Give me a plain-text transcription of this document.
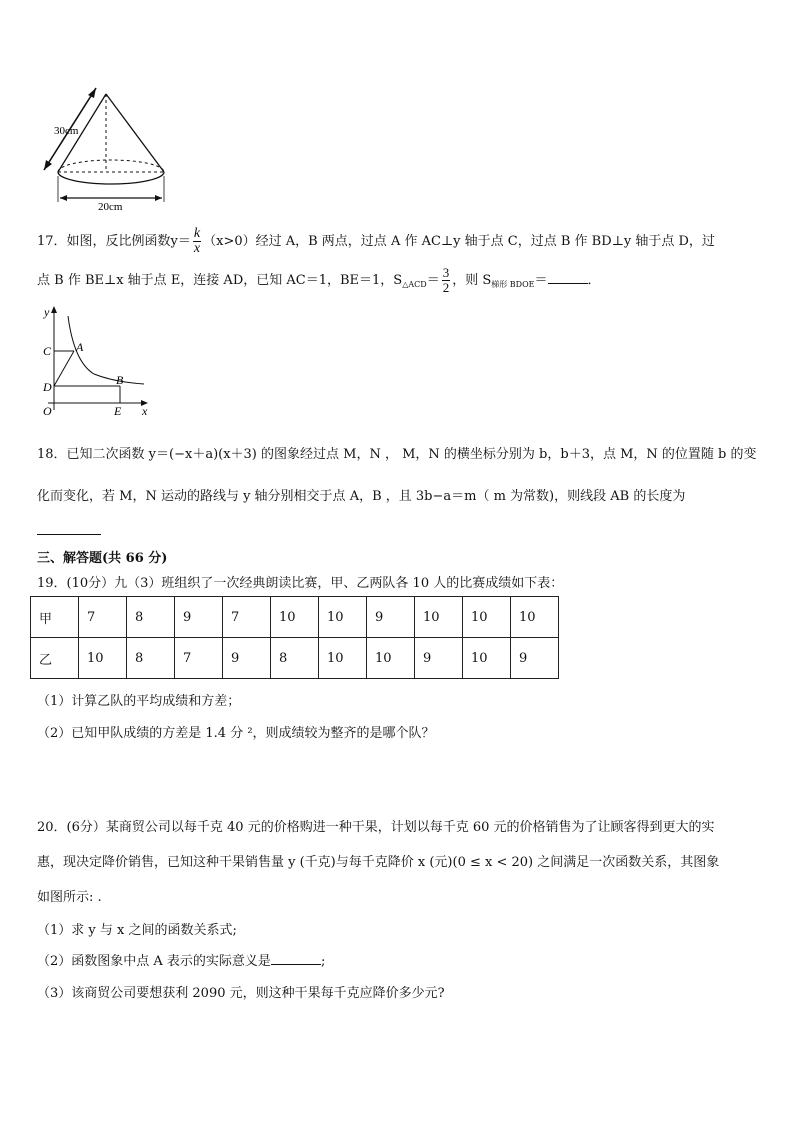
30cm
20cm
17．如图，反比例函数$y= \frac{k}{x} (x>0)$经过 A，B 两点，过点 A 作 AC⊥y 轴于点 C，过点 B 作 BD⊥y 轴于点 D，过
点 B 作 BE⊥x 轴于点 E，连接 AD，已知 AC＝1，BE＝1，$S_{\triangle ACD}= \frac{3}{2}$ ，则 $S_{梯形 BDOE}=$	．
y
x
C A
D	B
O	E
18．已知二次函数 y＝(−x＋a)(x＋3) 的图象经过点 M，N ， M，N 的横坐标分别为 b，b＋3，点 M，N 的位置随 b 的变
化而变化，若 M，N 运动的路线与 y 轴分别相交于点 A，B ，且 3b−a＝m（ m 为常数)，则线段 AB 的长度为
三、解答题(共 66 分)
19．(10分）九（3）班组织了一次经典朗读比赛，甲、乙两队各 10 人的比赛成绩如下表：
甲	7	8	9	7	10	10	9	10	10	10
乙	10	8	7	9	8	10	10	9	10	9
（1）计算乙队的平均成绩和方差；
（2）已知甲队成绩的方差是 1.4 分 ²，则成绩较为整齐的是哪个队？
20．(6分）某商贸公司以每千克 40 元的价格购进一种干果，计划以每千克 60 元的价格销售为了让顾客得到更大的实
惠，现决定降价销售，已知这种干果销售量 y (千克)与每千克降价 x (元)(0 ≤ x < 20) 之间满足一次函数关系，其图象
如图所示: .
（1）求 y 与 x 之间的函数关系式;
（2）函数图象中点 A 表示的实际意义是	;
（3）该商贸公司要想获利 2090 元，则这种干果每千克应降价多少元?
